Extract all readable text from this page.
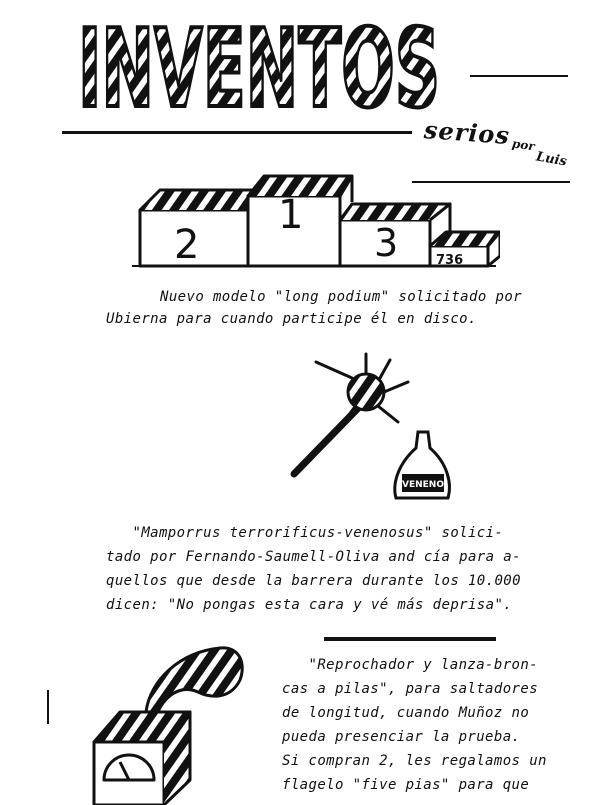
INVENTOS
serios por
Luis
1
2	3	736
Nuevo modelo "long podium" solicitado por
Ubierna para cuando participe él en disco.
VENENO
"Mamporrus terrorificus-venenosus" solici-
tado por Fernando-Saumell-Oliva and cía para a-
quellos que desde la barrera durante los 10.000
dicen: "No pongas esta cara y vé más deprisa".
"Reprochador y lanza-bron-
cas a pilas", para saltadores
de longitud, cuando Muñoz no
pueda presenciar la prueba.
Si compran 2, les regalamos un
flagelo "five pias" para que
